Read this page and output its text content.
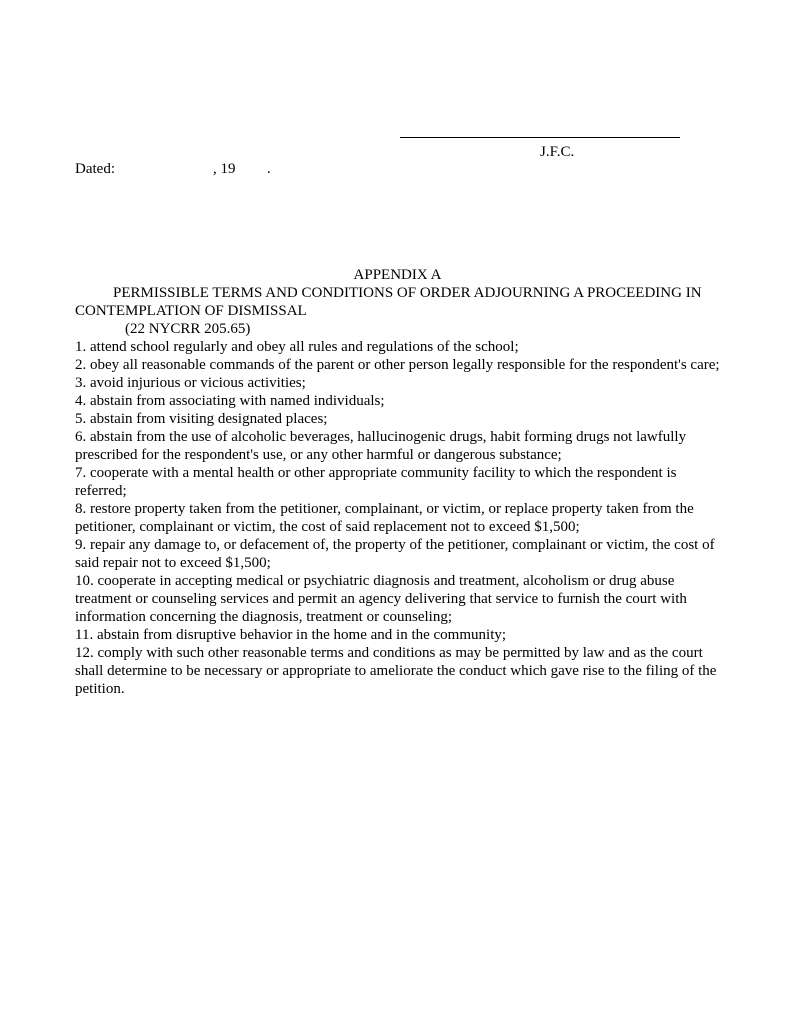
J.F.C.

Dated:

	, 19

.

APPENDIX A

PERMISSIBLE TERMS AND CONDITIONS OF ORDER ADJOURNING A PROCEEDING IN CONTEMPLATION OF DISMISSAL

(22 NYCRR 205.65)

1. attend school regularly and obey all rules and regulations of the school;
2. obey all reasonable commands of the parent or other person legally responsible for the respondent's care;
3. avoid injurious or vicious activities;
4. abstain from associating with named individuals;
5. abstain from visiting designated places;
6. abstain from the use of alcoholic beverages, hallucinogenic drugs, habit forming drugs not lawfully prescribed for the respondent's use, or any other harmful or dangerous substance;
7. cooperate with a mental health or other appropriate community facility to which the respondent is referred;
8. restore property taken from the petitioner, complainant, or victim, or replace property taken from the petitioner, complainant or victim, the cost of said replacement not to exceed $1,500;
9. repair any damage to, or defacement of, the property of the petitioner, complainant or victim, the cost of said repair not to exceed $1,500;
10. cooperate in accepting medical or psychiatric diagnosis and treatment, alcoholism or drug abuse treatment or counseling services and permit an agency delivering that service to furnish the court with information concerning the diagnosis, treatment or counseling;
11. abstain from disruptive behavior in the home and in the community;
12. comply with such other reasonable terms and conditions as may be permitted by law and as the court shall determine to be necessary or appropriate to ameliorate the conduct which gave rise to the filing of the petition.
